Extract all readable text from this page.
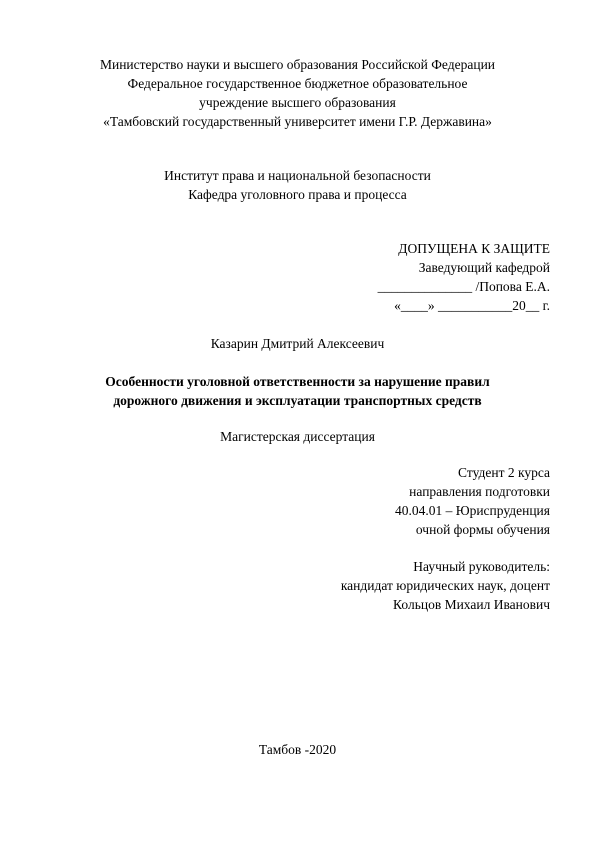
Министерство науки и высшего образования Российской Федерации
Федеральное государственное бюджетное образовательное
учреждение высшего образования
«Тамбовский государственный университет имени Г.Р. Державина»
Институт права и национальной безопасности
Кафедра уголовного права и процесса
ДОПУЩЕНА К ЗАЩИТЕ
Заведующий кафедрой
______________ /Попова Е.А.
«____» ___________20__ г.
Казарин Дмитрий Алексеевич
Особенности уголовной ответственности за нарушение правил
дорожного движения и эксплуатации транспортных средств
Магистерская диссертация
Студент 2 курса
направления подготовки
40.04.01 – Юриспруденция
очной формы обучения
Научный руководитель:
кандидат юридических наук, доцент
Кольцов Михаил Иванович
Тамбов -2020
